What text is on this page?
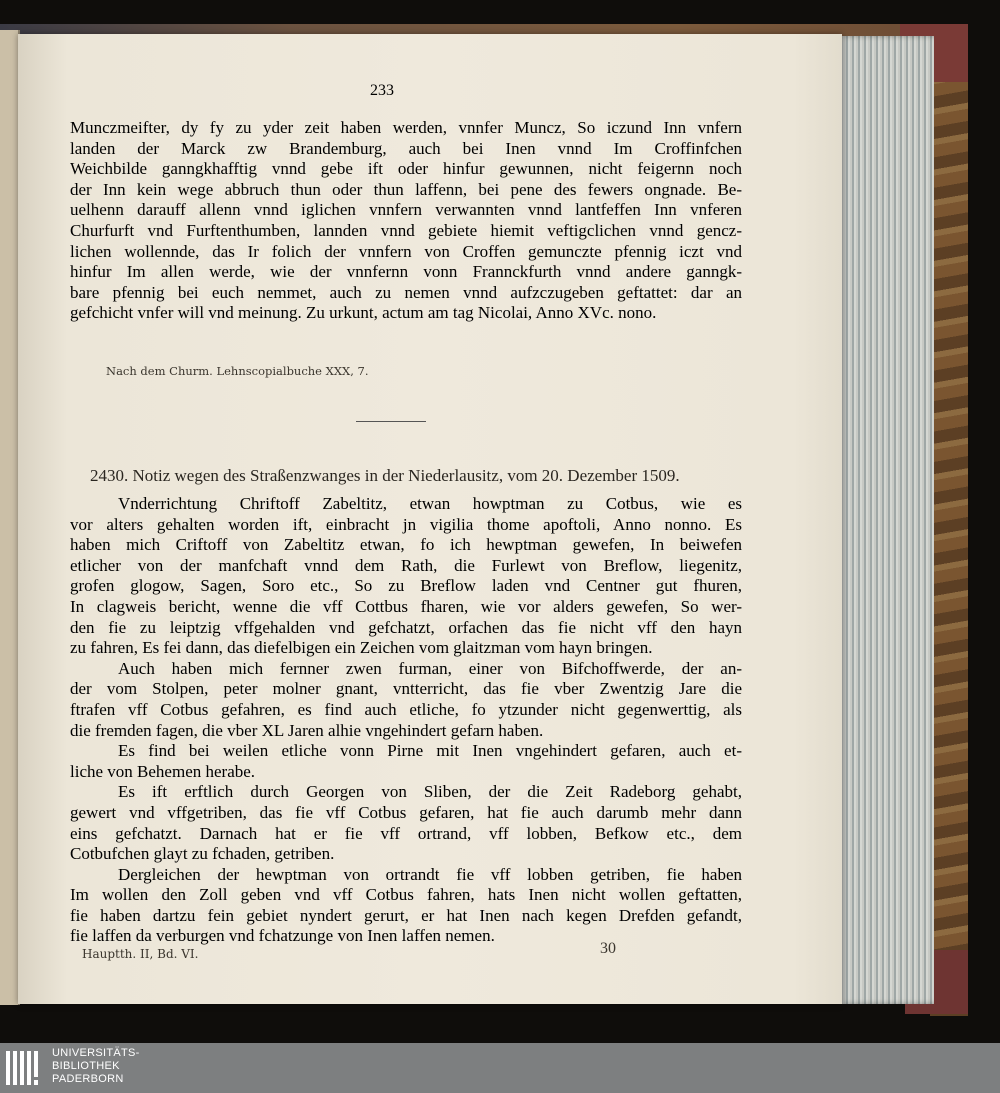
233

Munczmeifter, dy fy zu yder zeit haben werden, vnnfer Muncz, So iczund Inn vnfern

landen der Marck zw Brandemburg, auch bei Inen vnnd Im Croffinfchen

Weichbilde ganngkhafftig vnnd gebe ift oder hinfur gewunnen, nicht feigernn noch

der Inn kein wege abbruch thun oder thun laffenn, bei pene des fewers ongnade. Be-

uelhenn darauff allenn vnnd iglichen vnnfern verwannten vnnd lantfeffen Inn vnferen

Churfurft vnd Furftenthumben, lannden vnnd gebiete hiemit veftigclichen vnnd gencz-

lichen wollennde, das Ir folich der vnnfern von Croffen gemunczte pfennig iczt vnd

hinfur Im allen werde, wie der vnnfernn vonn Frannckfurth vnnd andere ganngk-

bare pfennig bei euch nemmet, auch zu nemen vnnd aufzczugeben geftattet: dar an

gefchicht vnfer will vnd meinung. Zu urkunt, actum am tag Nicolai, Anno XVc. nono.

Nach dem Churm. Lehnscopialbuche XXX, 7.
2430. Notiz wegen des Straßenzwanges in der Niederlausitz, vom 20. Dezember 1509.

Vnderrichtung Chriftoff Zabeltitz, etwan howptman zu Cotbus, wie es

vor alters gehalten worden ift, einbracht jn vigilia thome apoftoli, Anno nonno. Es

haben mich Criftoff von Zabeltitz etwan, fo ich hewptman gewefen, In beiwefen

etlicher von der manfchaft vnnd dem Rath, die Furlewt von Breflow, liegenitz,

grofen glogow, Sagen, Soro etc., So zu Breflow laden vnd Centner gut fhuren,

In clagweis bericht, wenne die vff Cottbus fharen, wie vor alders gewefen, So wer-

den fie zu leiptzig vffgehalden vnd gefchatzt, orfachen das fie nicht vff den hayn

zu fahren, Es fei dann, das diefelbigen ein Zeichen vom glaitzman vom hayn bringen.

Auch haben mich fernner zwen furman, einer von Bifchoffwerde, der an-

der vom Stolpen, peter molner gnant, vntterricht, das fie vber Zwentzig Jare die

ftrafen vff Cotbus gefahren, es find auch etliche, fo ytzunder nicht gegenwerttig, als

die fremden fagen, die vber XL Jaren alhie vngehindert gefarn haben.

Es find bei weilen etliche vonn Pirne mit Inen vngehindert gefaren, auch et-

liche von Behemen herabe.

Es ift erftlich durch Georgen von Sliben, der die Zeit Radeborg gehabt,

gewert vnd vffgetriben, das fie vff Cotbus gefaren, hat fie auch darumb mehr dann

eins gefchatzt. Darnach hat er fie vff ortrand, vff lobben, Befkow etc., dem

Cotbufchen glayt zu fchaden, getriben.

Dergleichen der hewptman von ortrandt fie vff lobben getriben, fie haben

Im wollen den Zoll geben vnd vff Cotbus fahren, hats Inen nicht wollen geftatten,

fie haben dartzu fein gebiet nyndert gerurt, er hat Inen nach kegen Drefden gefandt,

fie laffen da verburgen vnd fchatzunge von Inen laffen nemen.

Hauptth. II, Bd. VI.	30
UNIVERSITÄTS-
BIBLIOTHEK
PADERBORN
